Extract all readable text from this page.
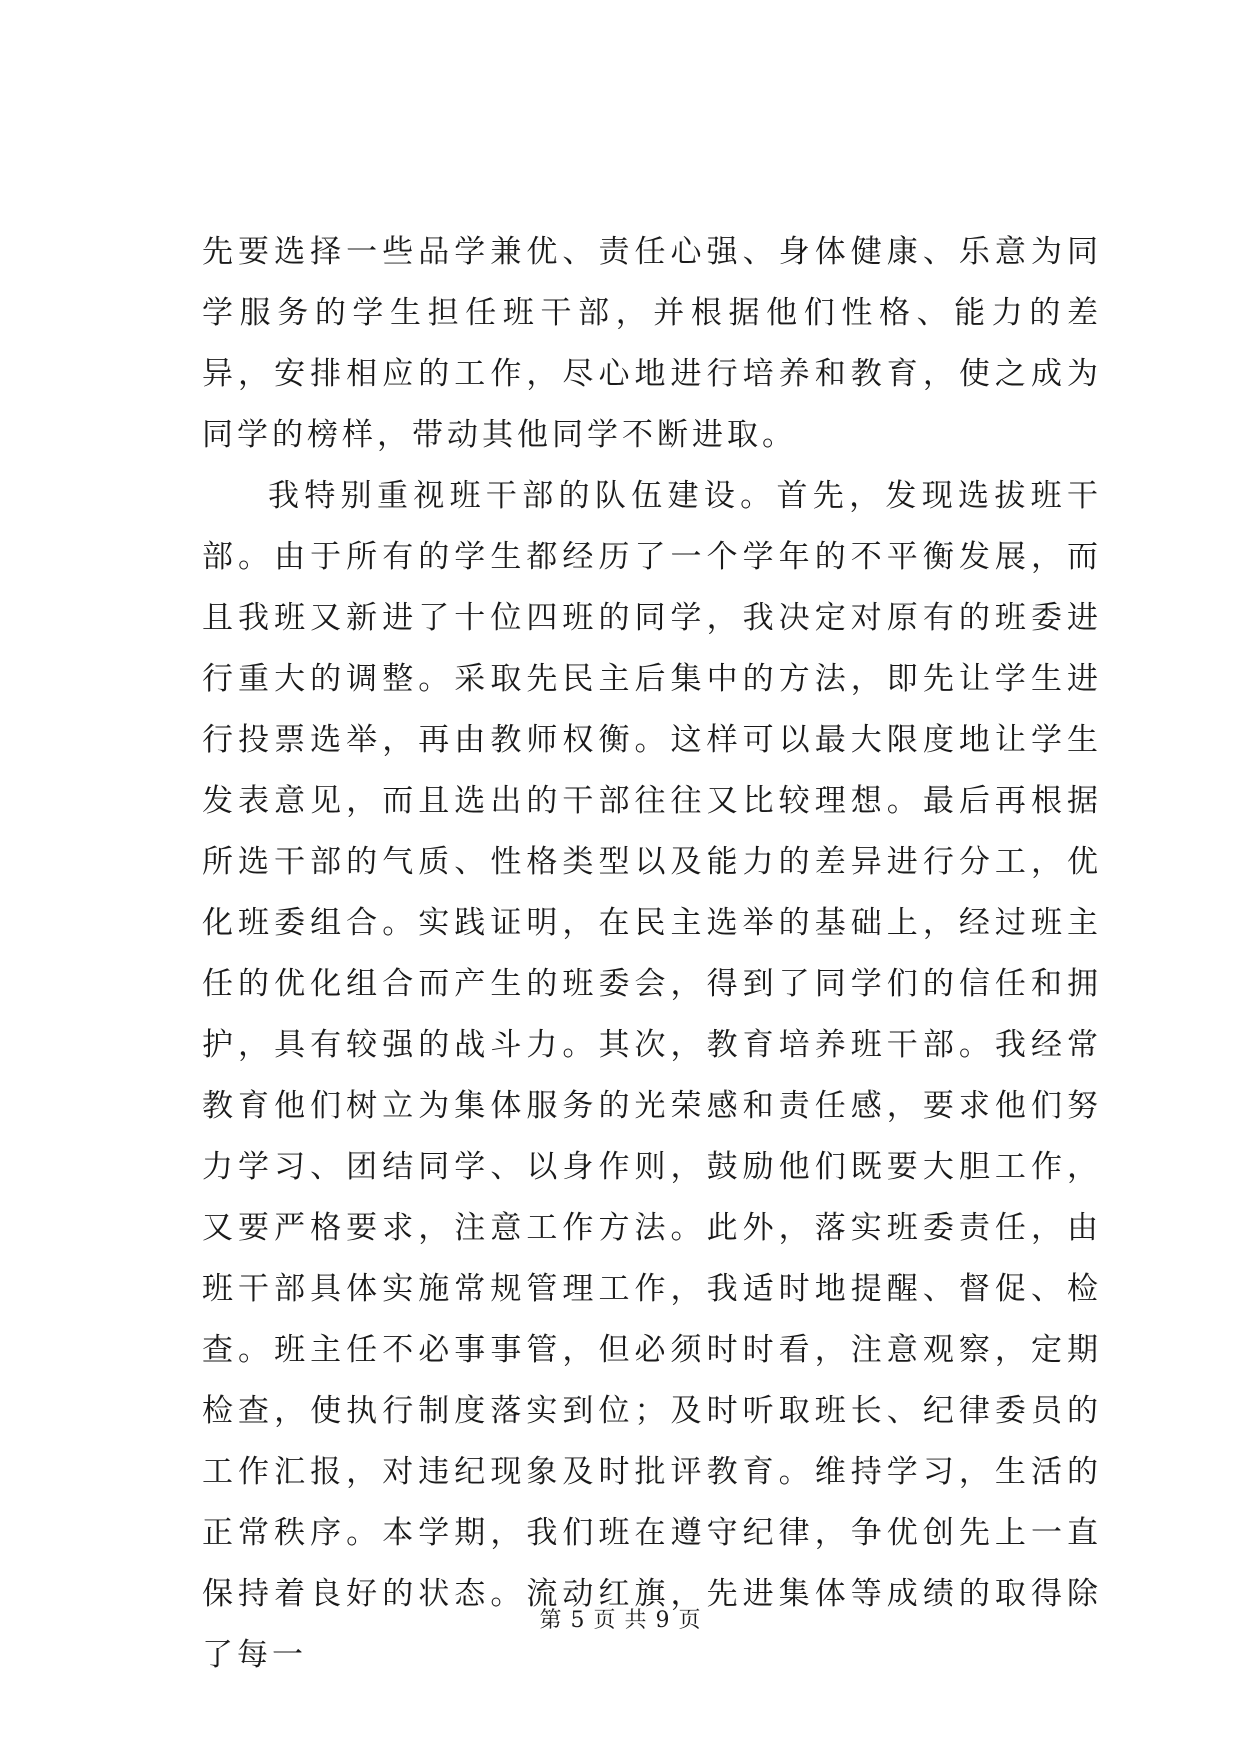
先要选择一些品学兼优、责任心强、身体健康、乐意为同学服务的学生担任班干部，并根据他们性格、能力的差异，安排相应的工作，尽心地进行培养和教育，使之成为同学的榜样，带动其他同学不断进取。

我特别重视班干部的队伍建设。首先，发现选拔班干部。由于所有的学生都经历了一个学年的不平衡发展，而且我班又新进了十位四班的同学，我决定对原有的班委进行重大的调整。采取先民主后集中的方法，即先让学生进行投票选举，再由教师权衡。这样可以最大限度地让学生发表意见，而且选出的干部往往又比较理想。最后再根据所选干部的气质、性格类型以及能力的差异进行分工，优化班委组合。实践证明，在民主选举的基础上，经过班主任的优化组合而产生的班委会，得到了同学们的信任和拥护，具有较强的战斗力。其次，教育培养班干部。我经常教育他们树立为集体服务的光荣感和责任感，要求他们努力学习、团结同学、以身作则，鼓励他们既要大胆工作，又要严格要求，注意工作方法。此外，落实班委责任，由班干部具体实施常规管理工作，我适时地提醒、督促、检查。班主任不必事事管，但必须时时看，注意观察，定期检查，使执行制度落实到位；及时听取班长、纪律委员的工作汇报，对违纪现象及时批评教育。维持学习，生活的正常秩序。本学期，我们班在遵守纪律，争优创先上一直保持着良好的状态。流动红旗，先进集体等成绩的取得除了每一

第 5 页 共 9 页
